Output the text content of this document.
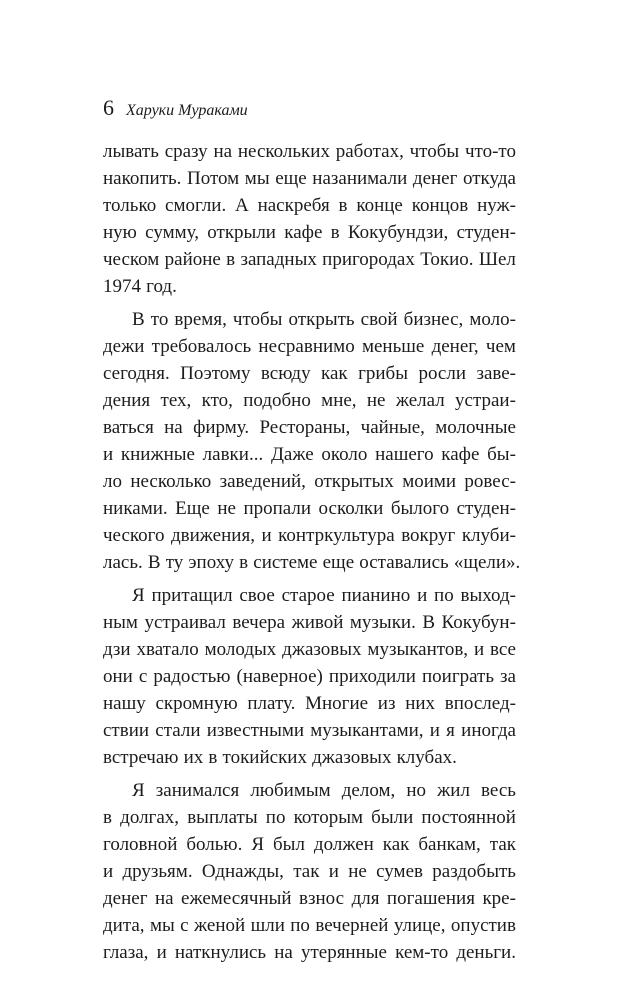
6 Харуки Мураками
лывать сразу на нескольких работах, чтобы что-то
накопить. Потом мы еще назанимали денег откуда
только смогли. А наскребя в конце концов нуж-
ную сумму, открыли кафе в Кокубундзи, студен-
ческом районе в западных пригородах Токио. Шел
1974 год.
В то время, чтобы открыть свой бизнес, моло-
дежи требовалось несравнимо меньше денег, чем
сегодня. Поэтому всюду как грибы росли заве-
дения тех, кто, подобно мне, не желал устраи-
ваться на фирму. Рестораны, чайные, молочные
и книжные лавки... Даже около нашего кафе бы-
ло несколько заведений, открытых моими ровес-
никами. Еще не пропали осколки былого студен-
ческого движения, и контркультура вокруг клуби-
лась. В ту эпоху в системе еще оставались «щели».
Я притащил свое старое пианино и по выход-
ным устраивал вечера живой музыки. В Кокубун-
дзи хватало молодых джазовых музыкантов, и все
они с радостью (наверное) приходили поиграть за
нашу скромную плату. Многие из них впослед-
ствии стали известными музыкантами, и я иногда
встречаю их в токийских джазовых клубах.
Я занимался любимым делом, но жил весь
в долгах, выплаты по которым были постоянной
головной болью. Я был должен как банкам, так
и друзьям. Однажды, так и не сумев раздобыть
денег на ежемесячный взнос для погашения кре-
дита, мы с женой шли по вечерней улице, опустив
глаза, и наткнулись на утерянные кем-то деньги.
